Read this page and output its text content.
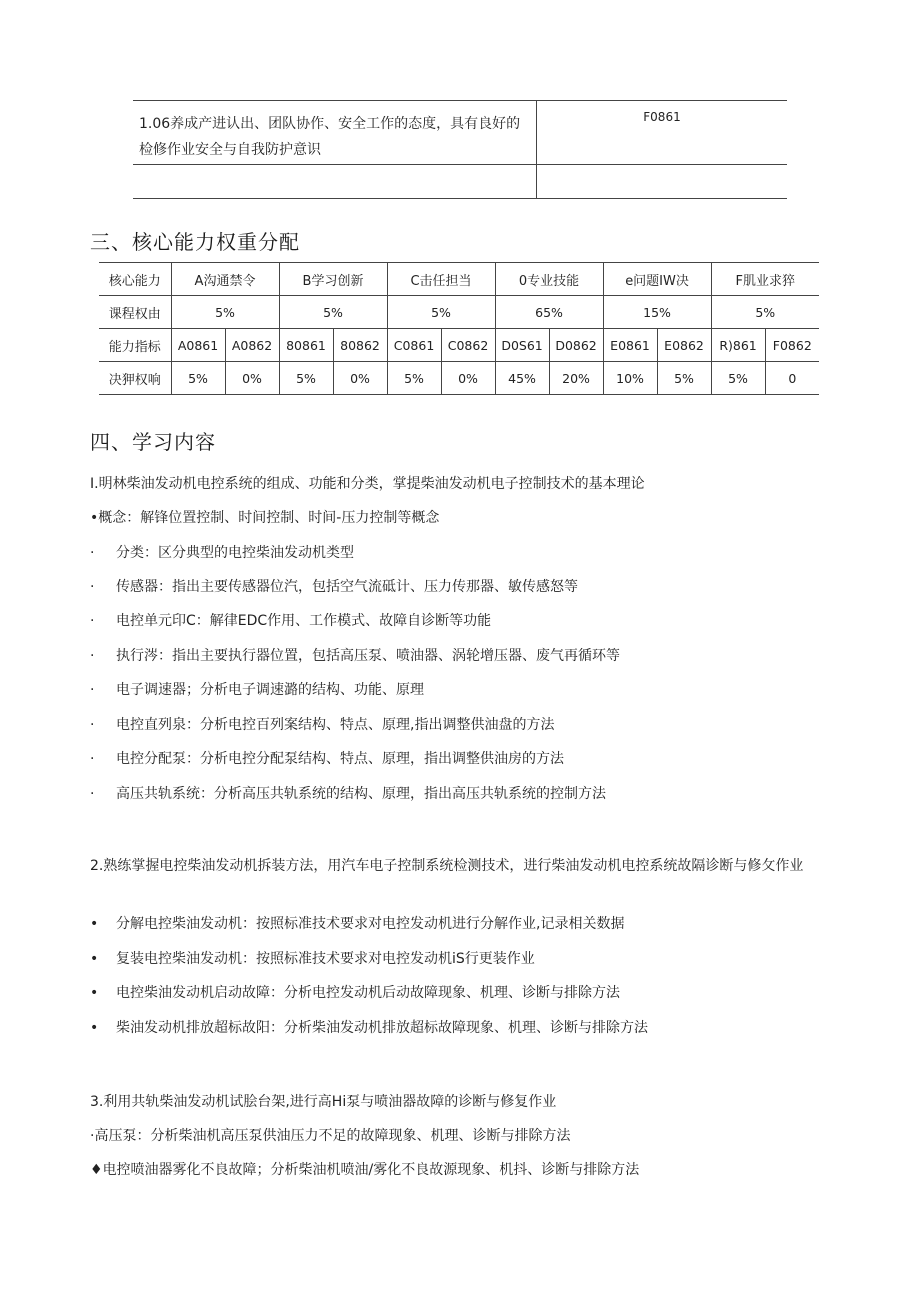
1.06养成产进认出、团队协作、安全工作的态度，具有良好的检修作业安全与自我防护意识	F0861

三、核心能力权重分配
核心能力	A沟通禁令		B学习创新		C击任担当		0专业技能		e问题IW决		F肌业求猝	
课程权由	5%		5%		5%		65%		15%		5%	
能力指标	A0861	A0862	80861	80862	C0861	C0862	D0S61	D0862	E0861	E0862	R)861	F0862
决狎权响	5%	0%	5%	0%	5%	0%	45%	20%	10%	5%	5%	0
四、学习内容
I.明林柴油发动机电控系统的组成、功能和分类，掌提柴油发动机电子控制技术的基本理论
•概念：解锋位置控制、时间控制、时间-压力控制等概念
· 分类：区分典型的电控柴油发动机类型
· 传感器：指出主要传感器位汽，包括空气流砥计、压力传那器、敏传感怒等
· 电控单元印C：解律EDC作用、工作模式、故障自诊断等功能
· 执行涔：指出主要执行器位置，包括高压泵、喷油器、涡轮增压器、废气再循环等
· 电子调速器；分析电子调速潞的结构、功能、原理
· 电控直列泉：分析电控百列案结构、特点、原理,指出调整供油盘的方法
· 电控分配泵：分析电控分配泵结构、特点、原理，指出调整供油房的方法
· 高压共轨系统：分析高压共轨系统的结构、原理，指出高压共轨系统的控制方法
2.熟练掌握电控柴油发动机拆装方法，用汽车电子控制系统检测技术，进行柴油发动机电控系统故隔诊断与修攵作业
• 分解电控柴油发动机：按照标准技术要求对电控发动机进行分解作业,记录相关数据
• 复装电控柴油发动机：按照标准技术要求对电控发动机iS行更装作业
• 电控柴油发动机启动故障：分析电控发动机后动故障现象、机理、诊断与排除方法
• 柴油发动机排放超标故阳：分析柴油发动机排放超标故障现象、机理、诊断与排除方法
3.利用共轨柴油发动机试脍台架,进行高Hi泵与喷油器故障的诊断与修复作业
·高压泵：分析柴油机高压泵供油压力不足的故障现象、机理、诊断与排除方法
♦电控喷油器雾化不良故障；分析柴油机喷油/雾化不良故源现象、机抖、诊断与排除方法
